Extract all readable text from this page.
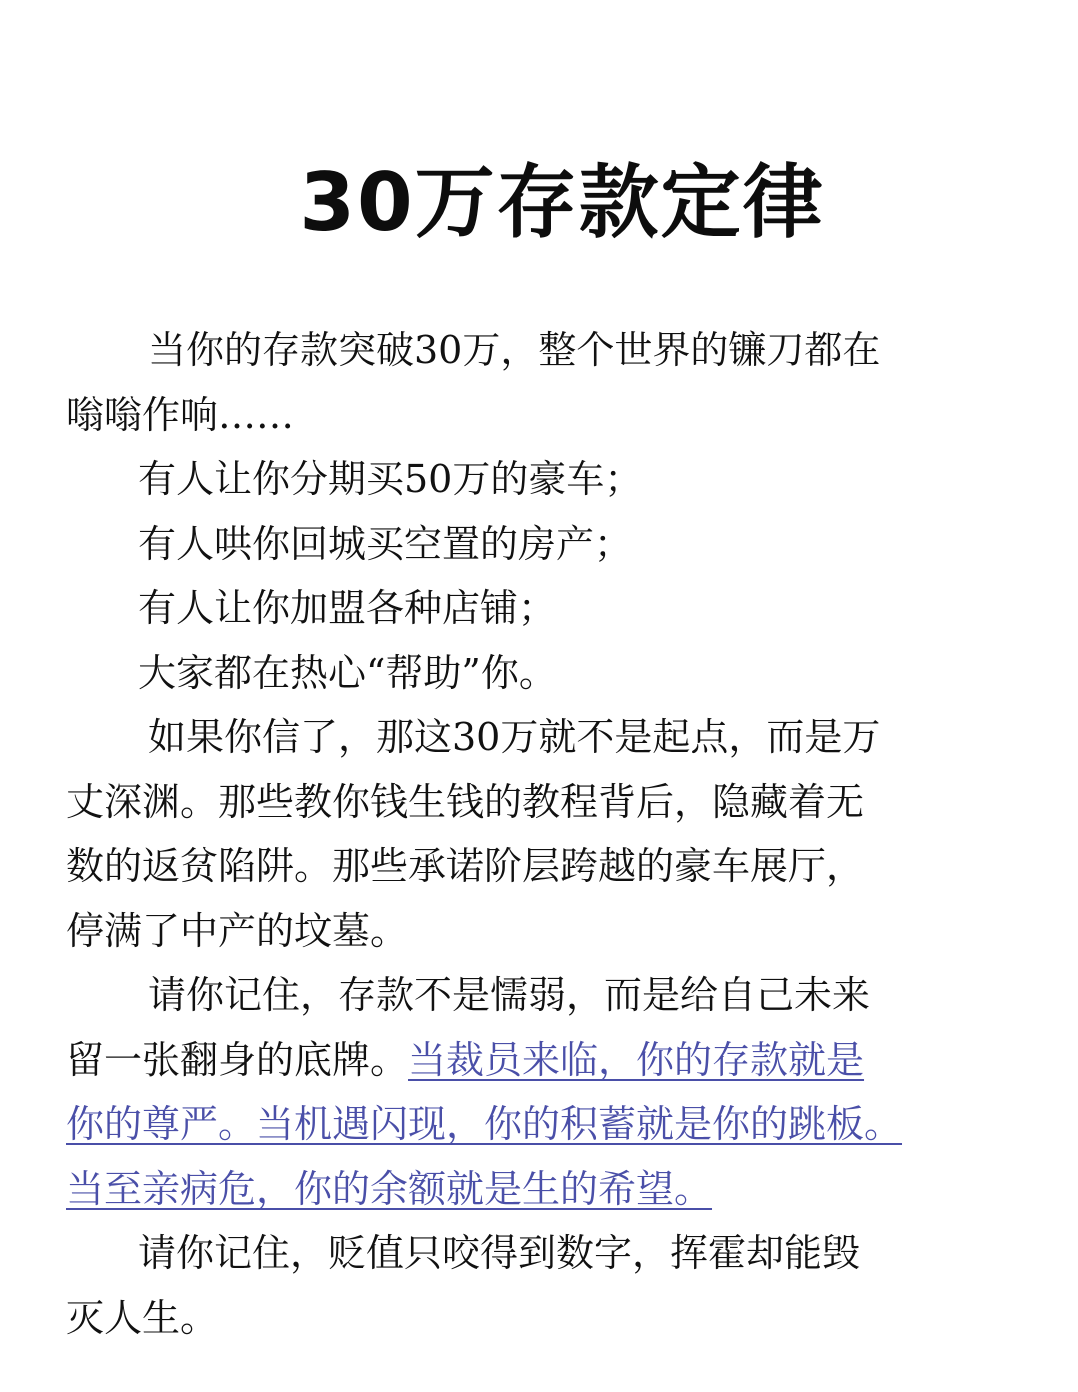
30万存款定律
当你的存款突破30万，整个世界的镰刀都在
嗡嗡作响……
有人让你分期买50万的豪车；
有人哄你回城买空置的房产；
有人让你加盟各种店铺；
大家都在热心“帮助”你。
如果你信了，那这30万就不是起点，而是万
丈深渊。那些教你钱生钱的教程背后，隐藏着无
数的返贫陷阱。那些承诺阶层跨越的豪车展厅，
停满了中产的坟墓。
请你记住，存款不是懦弱，而是给自己未来
留一张翻身的底牌。当裁员来临，你的存款就是
你的尊严。当机遇闪现，你的积蓄就是你的跳板。
当至亲病危，你的余额就是生的希望。
请你记住，贬值只咬得到数字，挥霍却能毁
灭人生。
